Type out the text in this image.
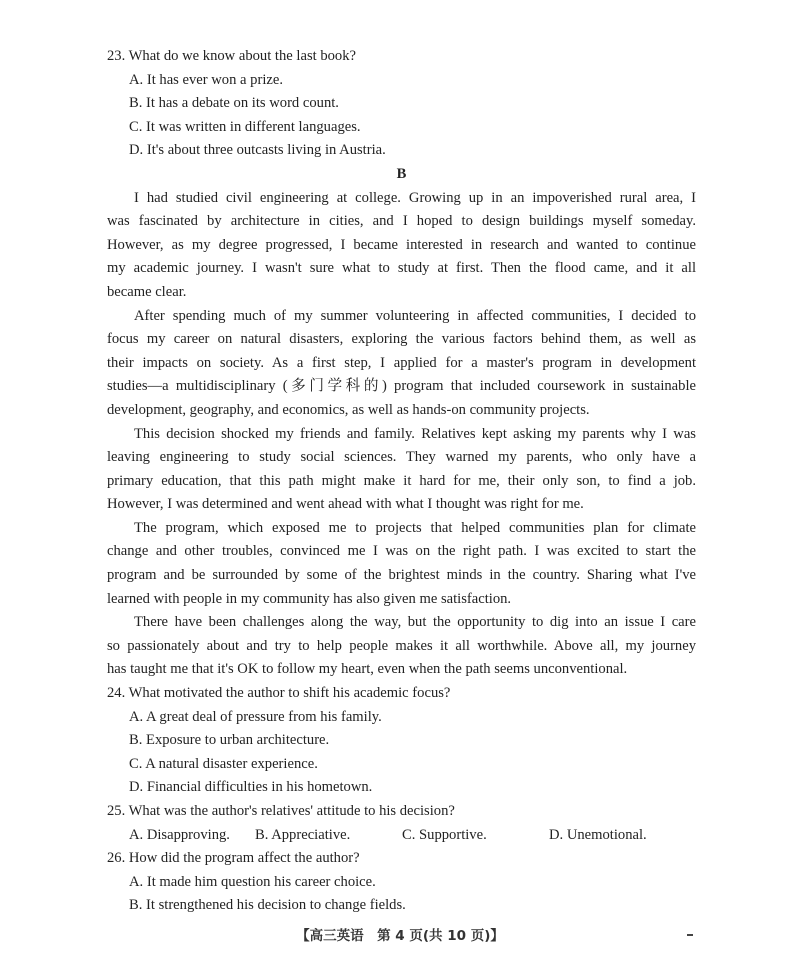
23. What do we know about the last book?
A. It has ever won a prize.
B. It has a debate on its word count.
C. It was written in different languages.
D. It's about three outcasts living in Austria.
B
I had studied civil engineering at college. Growing up in an impoverished rural area, I
was fascinated by architecture in cities, and I hoped to design buildings myself someday.
However, as my degree progressed, I became interested in research and wanted to continue
my academic journey. I wasn't sure what to study at first. Then the flood came, and it all
became clear.
After spending much of my summer volunteering in affected communities, I decided to
focus my career on natural disasters, exploring the various factors behind them, as well as
their impacts on society. As a first step, I applied for a master's program in development
studies—a multidisciplinary (多门学科的) program that included coursework in sustainable
development, geography, and economics, as well as hands-on community projects.
This decision shocked my friends and family. Relatives kept asking my parents why I was
leaving engineering to study social sciences. They warned my parents, who only have a
primary education, that this path might make it hard for me, their only son, to find a job.
However, I was determined and went ahead with what I thought was right for me.
The program, which exposed me to projects that helped communities plan for climate
change and other troubles, convinced me I was on the right path. I was excited to start the
program and be surrounded by some of the brightest minds in the country. Sharing what I've
learned with people in my community has also given me satisfaction.
There have been challenges along the way, but the opportunity to dig into an issue I care
so passionately about and try to help people makes it all worthwhile. Above all, my journey
has taught me that it's OK to follow my heart, even when the path seems unconventional.
24. What motivated the author to shift his academic focus?
A. A great deal of pressure from his family.
B. Exposure to urban architecture.
C. A natural disaster experience.
D. Financial difficulties in his hometown.
25. What was the author's relatives' attitude to his decision?
A. Disapproving.	B. Appreciative.	C. Supportive.	D. Unemotional.
26. How did the program affect the author?
A. It made him question his career choice.
B. It strengthened his decision to change fields.
【高三英语　第 4 页(共 10 页)】
